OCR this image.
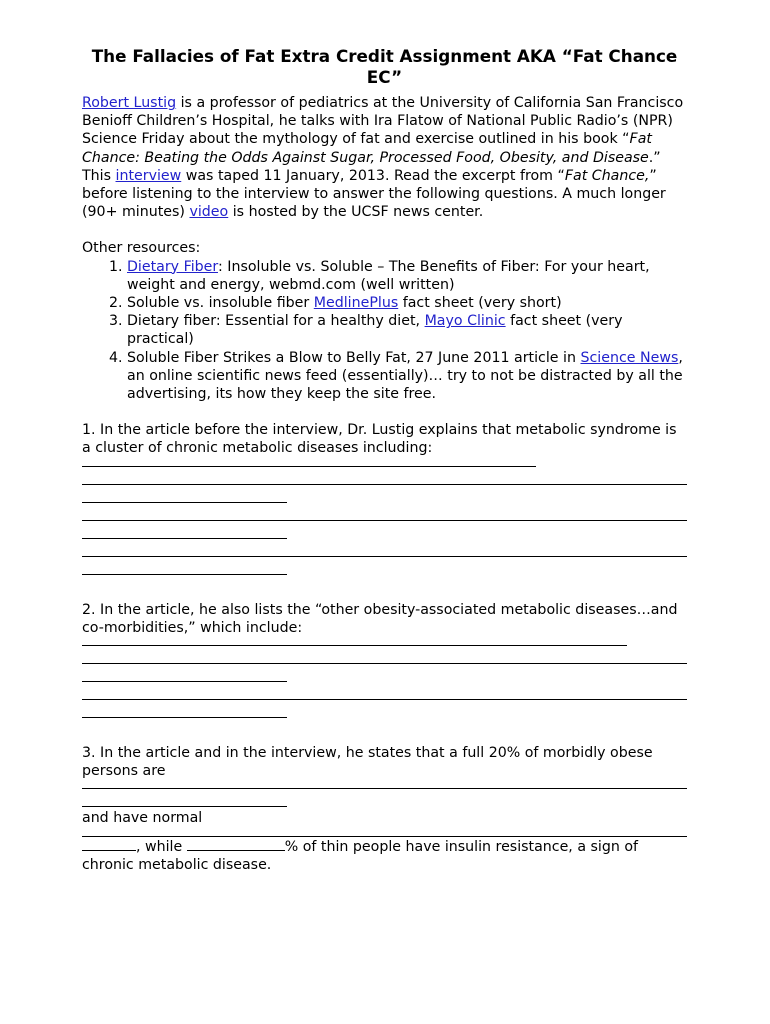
The Fallacies of Fat Extra Credit Assignment AKA “Fat Chance EC”

Robert Lustig is a professor of pediatrics at the University of California San Francisco Benioff Children’s Hospital, he talks with Ira Flatow of National Public Radio’s (NPR) Science Friday about the mythology of fat and exercise outlined in his book “Fat Chance: Beating the Odds Against Sugar, Processed Food, Obesity, and Disease.” This interview was taped 11 January, 2013. Read the excerpt from “Fat Chance,” before listening to the interview to answer the following questions. A much longer (90+ minutes) video is hosted by the UCSF news center.

Other resources:

1. Dietary Fiber: Insoluble vs. Soluble – The Benefits of Fiber: For your heart, weight and energy, webmd.com (well written)
2. Soluble vs. insoluble fiber MedlinePlus fact sheet (very short)
3. Dietary fiber: Essential for a healthy diet, Mayo Clinic fact sheet (very practical)
4. Soluble Fiber Strikes a Blow to Belly Fat, 27 June 2011 article in Science News, an online scientific news feed (essentially)… try to not be distracted by all the advertising, its how they keep the site free.

1. In the article before the interview, Dr. Lustig explains that metabolic syndrome is a cluster of chronic metabolic diseases including:

2. In the article, he also lists the “other obesity-associated metabolic diseases…and co-morbidities,” which include:

3. In the article and in the interview, he states that a full 20% of morbidly obese persons are

and have normal

, while	% of thin people have insulin resistance, a sign of

chronic metabolic disease.
